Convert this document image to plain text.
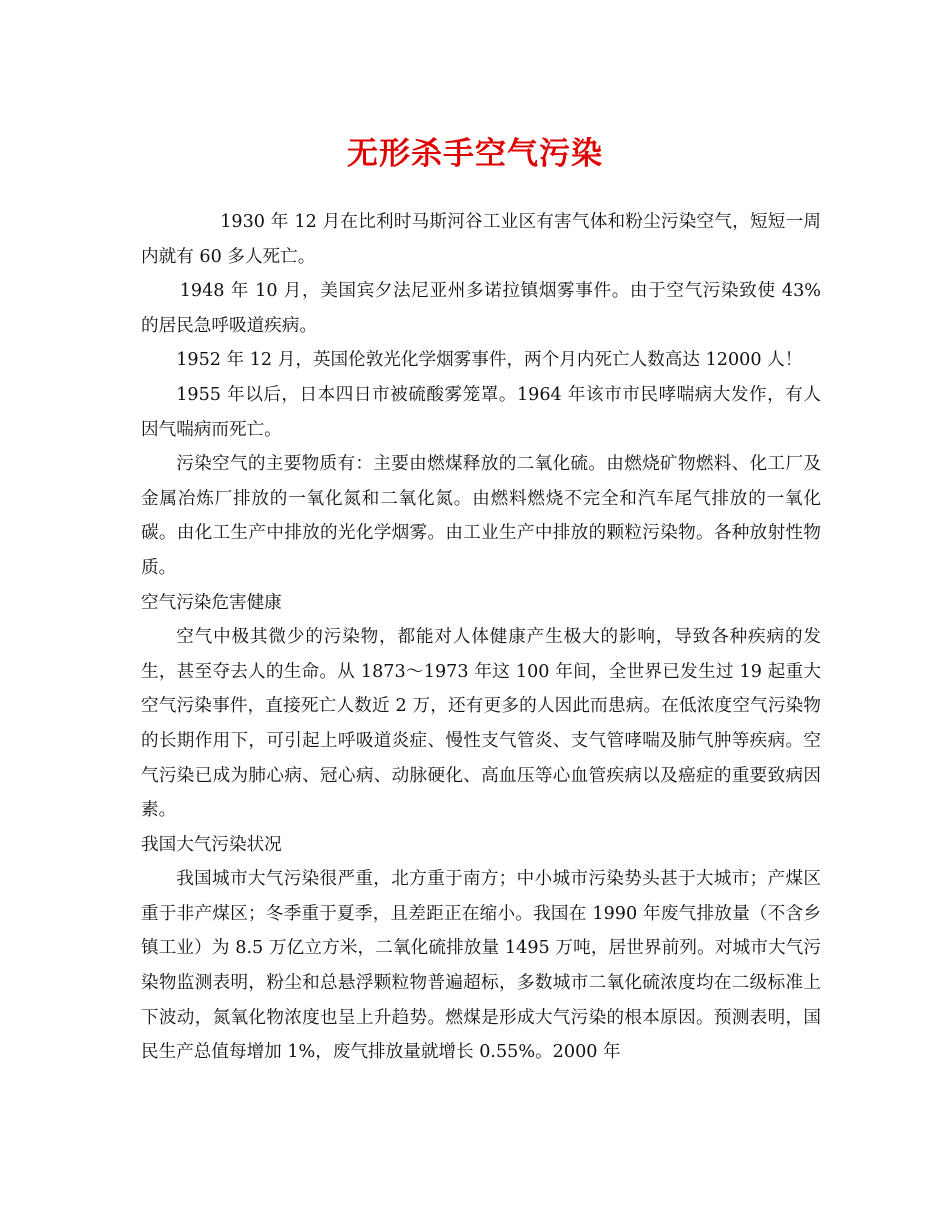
无形杀手空气污染

1930 年 12 月在比利时马斯河谷工业区有害气体和粉尘污染空气，短短一周内就有 60 多人死亡。

1948 年 10 月，美国宾夕法尼亚州多诺拉镇烟雾事件。由于空气污染致使 43% 的居民急呼吸道疾病。

1952 年 12 月，英国伦敦光化学烟雾事件，两个月内死亡人数高达 12000 人！

1955 年以后，日本四日市被硫酸雾笼罩。1964 年该市市民哮喘病大发作，有人因气喘病而死亡。

污染空气的主要物质有：主要由燃煤释放的二氧化硫。由燃烧矿物燃料、化工厂及金属冶炼厂排放的一氧化氮和二氧化氮。由燃料燃烧不完全和汽车尾气排放的一氧化碳。由化工生产中排放的光化学烟雾。由工业生产中排放的颗粒污染物。各种放射性物质。

空气污染危害健康

空气中极其微少的污染物，都能对人体健康产生极大的影响，导致各种疾病的发生，甚至夺去人的生命。从 1873～1973 年这 100 年间，全世界已发生过 19 起重大空气污染事件，直接死亡人数近 2 万，还有更多的人因此而患病。在低浓度空气污染物的长期作用下，可引起上呼吸道炎症、慢性支气管炎、支气管哮喘及肺气肿等疾病。空气污染已成为肺心病、冠心病、动脉硬化、高血压等心血管疾病以及癌症的重要致病因素。

我国大气污染状况

我国城市大气污染很严重，北方重于南方；中小城市污染势头甚于大城市；产煤区重于非产煤区；冬季重于夏季，且差距正在缩小。我国在 1990 年废气排放量（不含乡镇工业）为 8.5 万亿立方米，二氧化硫排放量 1495 万吨，居世界前列。对城市大气污染物监测表明，粉尘和总悬浮颗粒物普遍超标，多数城市二氧化硫浓度均在二级标准上下波动，氮氧化物浓度也呈上升趋势。燃煤是形成大气污染的根本原因。预测表明，国民生产总值每增加 1%，废气排放量就增长 0.55%。2000 年
